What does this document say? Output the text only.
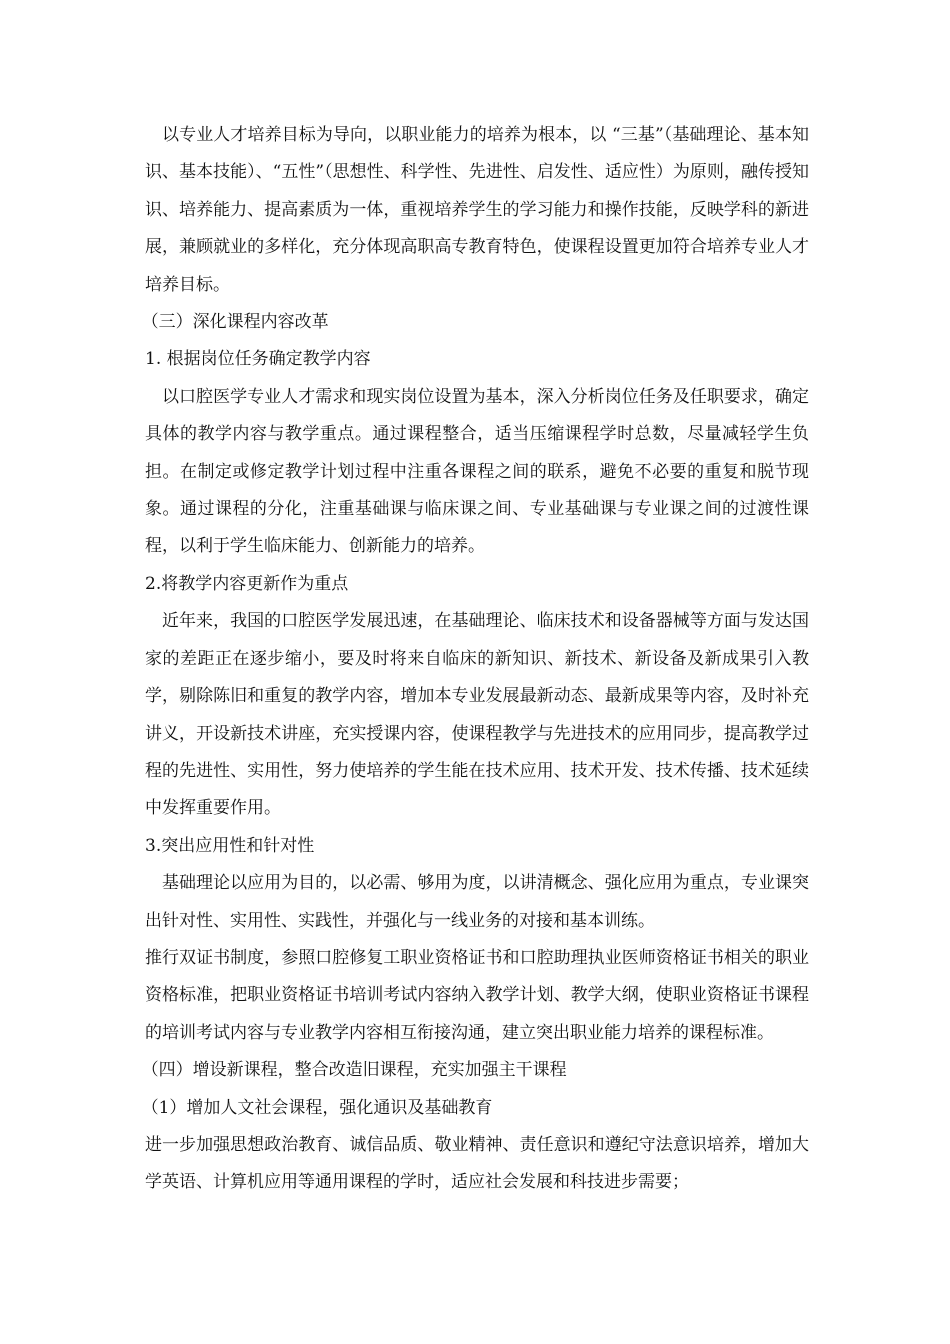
以专业人才培养目标为导向，以职业能力的培养为根本，以 “三基”（基础理论、基本知识、基本技能）、“五性”（思想性、科学性、先进性、启发性、适应性）为原则，融传授知识、培养能力、提高素质为一体，重视培养学生的学习能力和操作技能，反映学科的新进展，兼顾就业的多样化，充分体现高职高专教育特色，使课程设置更加符合培养专业人才培养目标。

（三）深化课程内容改革

1. 根据岗位任务确定教学内容

以口腔医学专业人才需求和现实岗位设置为基本，深入分析岗位任务及任职要求，确定具体的教学内容与教学重点。通过课程整合，适当压缩课程学时总数，尽量减轻学生负担。在制定或修定教学计划过程中注重各课程之间的联系，避免不必要的重复和脱节现象。通过课程的分化，注重基础课与临床课之间、专业基础课与专业课之间的过渡性课程，以利于学生临床能力、创新能力的培养。

2.将教学内容更新作为重点

近年来，我国的口腔医学发展迅速，在基础理论、临床技术和设备器械等方面与发达国家的差距正在逐步缩小，要及时将来自临床的新知识、新技术、新设备及新成果引入教学，剔除陈旧和重复的教学内容，增加本专业发展最新动态、最新成果等内容，及时补充讲义，开设新技术讲座，充实授课内容，使课程教学与先进技术的应用同步，提高教学过程的先进性、实用性，努力使培养的学生能在技术应用、技术开发、技术传播、技术延续中发挥重要作用。

3.突出应用性和针对性

基础理论以应用为目的，以必需、够用为度，以讲清概念、强化应用为重点，专业课突出针对性、实用性、实践性，并强化与一线业务的对接和基本训练。

推行双证书制度，参照口腔修复工职业资格证书和口腔助理执业医师资格证书相关的职业资格标准，把职业资格证书培训考试内容纳入教学计划、教学大纲，使职业资格证书课程的培训考试内容与专业教学内容相互衔接沟通，建立突出职业能力培养的课程标准。

（四）增设新课程，整合改造旧课程，充实加强主干课程

（1）增加人文社会课程，强化通识及基础教育

进一步加强思想政治教育、诚信品质、敬业精神、责任意识和遵纪守法意识培养，增加大学英语、计算机应用等通用课程的学时，适应社会发展和科技进步需要；
